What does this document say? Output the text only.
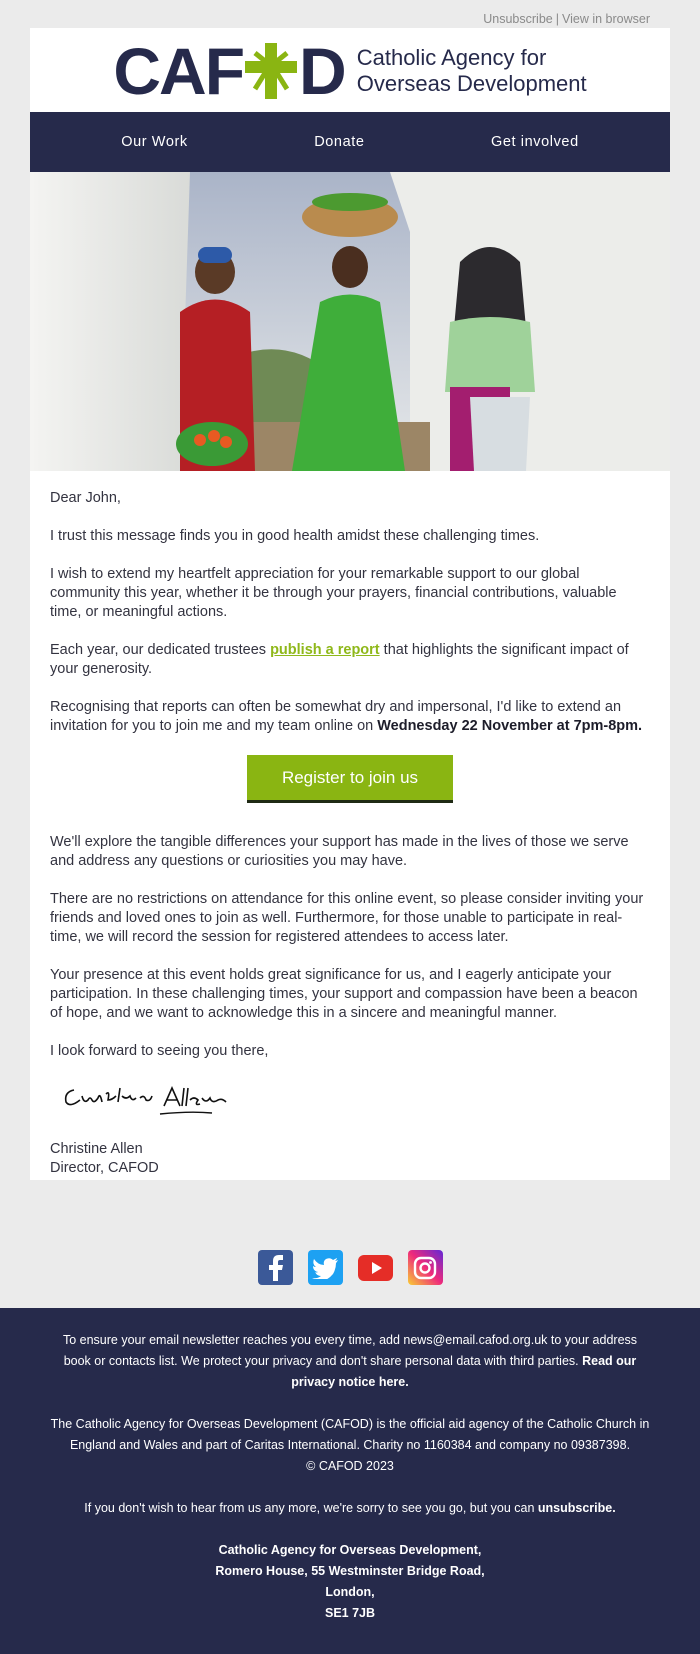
Unsubscribe | View in browser
C A F D Catholic Agency for
Overseas Development
Our Work	Donate	Get involved

Dear John,

I trust this message finds you in good health amidst these challenging times.

I wish to extend my heartfelt appreciation for your remarkable support to our global community this year, whether it be through your prayers, financial contributions, valuable time, or meaningful actions.

Each year, our dedicated trustees publish a report that highlights the significant impact of your generosity.

Recognising that reports can often be somewhat dry and impersonal, I'd like to extend an invitation for you to join me and my team online on Wednesday 22 November at 7pm-8pm.

Register to join us

We'll explore the tangible differences your support has made in the lives of those we serve and address any questions or curiosities you may have.

There are no restrictions on attendance for this online event, so please consider inviting your friends and loved ones to join as well. Furthermore, for those unable to participate in real-time, we will record the session for registered attendees to access later.

Your presence at this event holds great significance for us, and I eagerly anticipate your participation. In these challenging times, your support and compassion have been a beacon of hope, and we want to acknowledge this in a sincere and meaningful manner.

I look forward to seeing you there,

Christine Allen

Director, CAFOD

To ensure your email newsletter reaches you every time, add news@email.cafod.org.uk to your address book or contacts list. We protect your privacy and don't share personal data with third parties. Read our privacy notice here.

The Catholic Agency for Overseas Development (CAFOD) is the official aid agency of the Catholic Church in England and Wales and part of Caritas International. Charity no 1160384 and company no 09387398.
© CAFOD 2023

If you don't wish to hear from us any more, we're sorry to see you go, but you can unsubscribe.

Catholic Agency for Overseas Development,
Romero House, 55 Westminster Bridge Road,
London,
SE1 7JB
